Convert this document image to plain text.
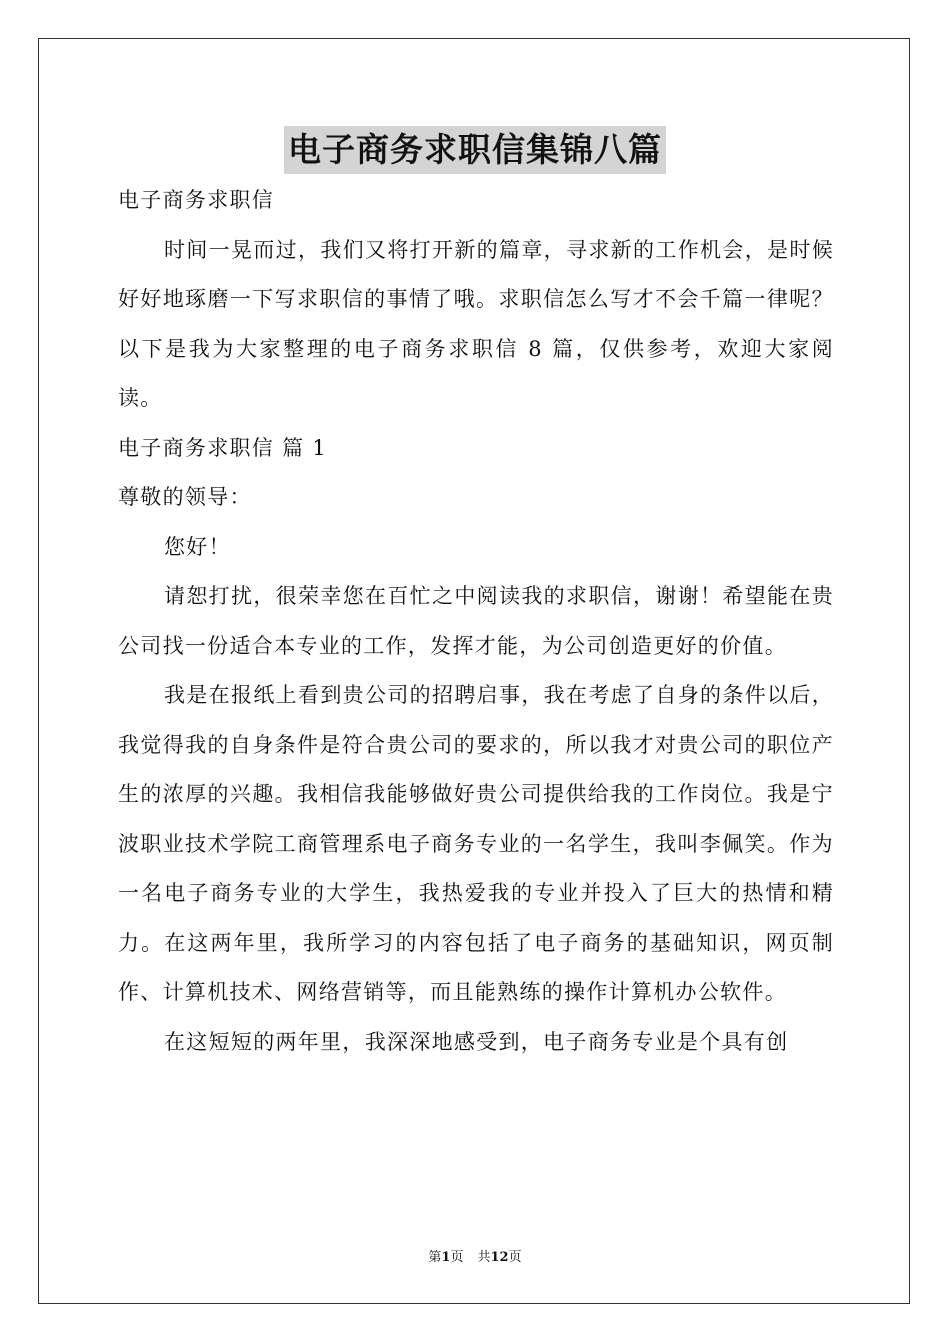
电子商务求职信集锦八篇

电子商务求职信

时间一晃而过，我们又将打开新的篇章，寻求新的工作机会，是时候好好地琢磨一下写求职信的事情了哦。求职信怎么写才不会千篇一律呢？以下是我为大家整理的电子商务求职信 8 篇，仅供参考，欢迎大家阅读。

电子商务求职信 篇 1

尊敬的领导：

您好！

请恕打扰，很荣幸您在百忙之中阅读我的求职信，谢谢！希望能在贵公司找一份适合本专业的工作，发挥才能，为公司创造更好的价值。

我是在报纸上看到贵公司的招聘启事，我在考虑了自身的条件以后，我觉得我的自身条件是符合贵公司的要求的，所以我才对贵公司的职位产生的浓厚的兴趣。我相信我能够做好贵公司提供给我的工作岗位。我是宁波职业技术学院工商管理系电子商务专业的一名学生，我叫李佩笑。作为一名电子商务专业的大学生，我热爱我的专业并投入了巨大的热情和精力。在这两年里，我所学习的内容包括了电子商务的基础知识，网页制作、计算机技术、网络营销等，而且能熟练的操作计算机办公软件。

在这短短的两年里，我深深地感受到，电子商务专业是个具有创

第1页 共12页
